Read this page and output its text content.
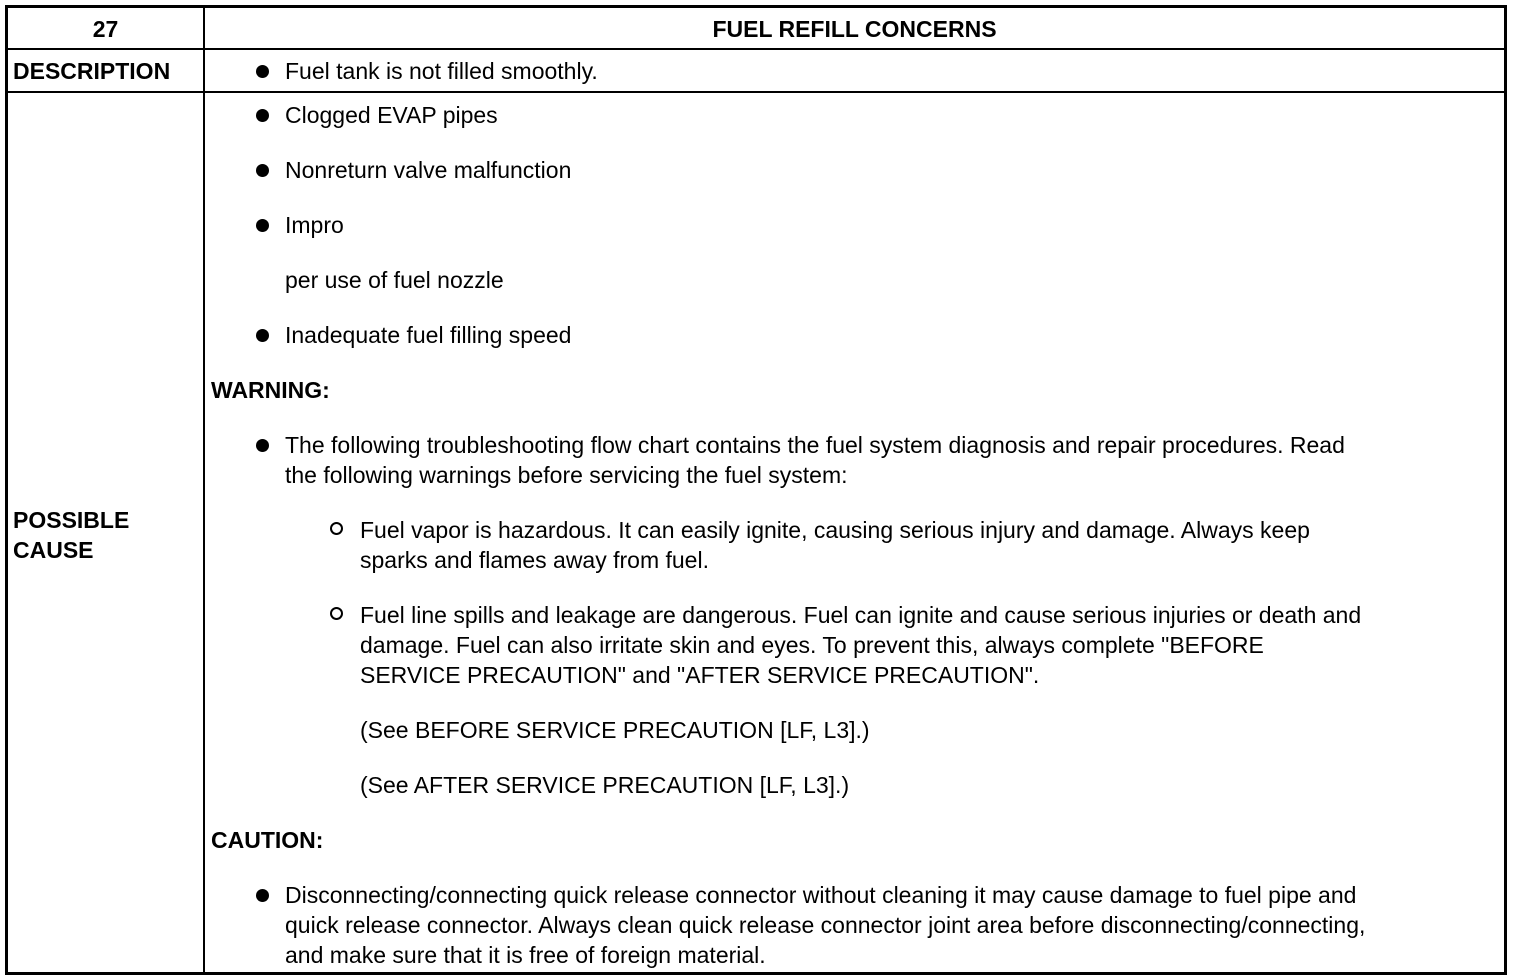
27	FUEL REFILL CONCERNS
DESCRIPTION	Fuel tank is not filled smoothly.
POSSIBLE
CAUSE
Clogged EVAP pipes
Nonreturn valve malfunction
Impro
per use of fuel nozzle
Inadequate fuel filling speed
WARNING:
The following troubleshooting flow chart contains the fuel system diagnosis and repair procedures. Read
the following warnings before servicing the fuel system:
Fuel vapor is hazardous. It can easily ignite, causing serious injury and damage. Always keep
sparks and flames away from fuel.
Fuel line spills and leakage are dangerous. Fuel can ignite and cause serious injuries or death and
damage. Fuel can also irritate skin and eyes. To prevent this, always complete "BEFORE
SERVICE PRECAUTION" and "AFTER SERVICE PRECAUTION".
(See BEFORE SERVICE PRECAUTION [LF, L3].)
(See AFTER SERVICE PRECAUTION [LF, L3].)
CAUTION:
Disconnecting/connecting quick release connector without cleaning it may cause damage to fuel pipe and
quick release connector. Always clean quick release connector joint area before disconnecting/connecting,
and make sure that it is free of foreign material.
